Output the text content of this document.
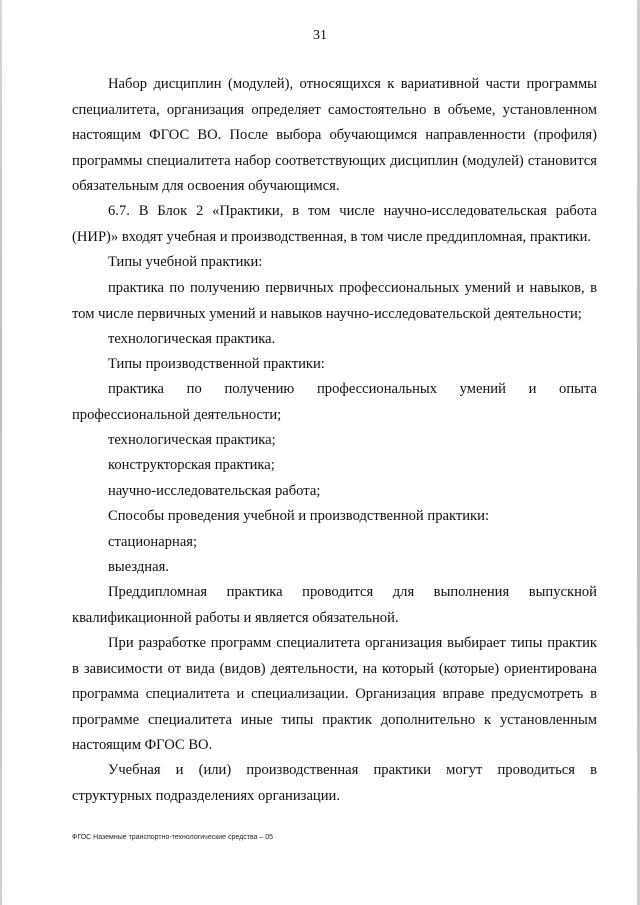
31

Набор дисциплин (модулей), относящихся к вариативной части программы специалитета, организация определяет самостоятельно в объеме, установленном настоящим ФГОС ВО. После выбора обучающимся направленности (профиля) программы специалитета набор соответствующих дисциплин (модулей) становится обязательным для освоения обучающимся.

6.7. В Блок 2 «Практики, в том числе научно-исследовательская работа (НИР)» входят учебная и производственная, в том числе преддипломная, практики.

Типы учебной практики:

практика по получению первичных профессиональных умений и навыков, в том числе первичных умений и навыков научно-исследовательской деятельности;

технологическая практика.

Типы производственной практики:

практика по получению профессиональных умений и опыта профессиональной деятельности;

технологическая практика;

конструкторская практика;

научно-исследовательская работа;

Способы проведения учебной и производственной практики:

стационарная;

выездная.

Преддипломная практика проводится для выполнения выпускной квалификационной работы и является обязательной.

При разработке программ специалитета организация выбирает типы практик в зависимости от вида (видов) деятельности, на который (которые) ориентирована программа специалитета и специализации. Организация вправе предусмотреть в программе специалитета иные типы практик дополнительно к установленным настоящим ФГОС ВО.

Учебная и (или) производственная практики могут проводиться в структурных подразделениях организации.

ФГОС Наземные транспортно-технологические средства – 05
